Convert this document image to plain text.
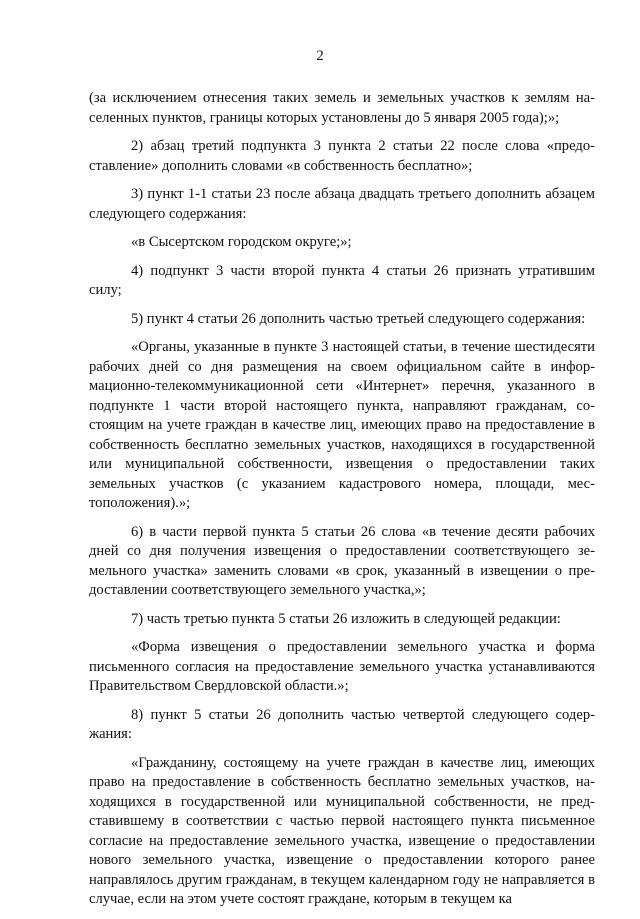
2

(за исключением отнесения таких земель и земельных участков к землям населенных пунктов, границы которых установлены до 5 января 2005 года);»;

2) абзац третий подпункта 3 пункта 2 статьи 22 после слова «предоставление» дополнить словами «в собственность бесплатно»;

3) пункт 1-1 статьи 23 после абзаца двадцать третьего дополнить абзацем следующего содержания:

«в Сысертском городском округе;»;

4) подпункт 3 части второй пункта 4 статьи 26 признать утратившим силу;

5) пункт 4 статьи 26 дополнить частью третьей следующего содержания:

«Органы, указанные в пункте 3 настоящей статьи, в течение шестидесяти рабочих дней со дня размещения на своем официальном сайте в информационно-телекоммуникационной сети «Интернет» перечня, указанного в подпункте 1 части второй настоящего пункта, направляют гражданам, состоящим на учете граждан в качестве лиц, имеющих право на предоставление в собственность бесплатно земельных участков, находящихся в государственной или муниципальной собственности, извещения о предоставлении таких земельных участков (с указанием кадастрового номера, площади, местоположения).»;

6) в части первой пункта 5 статьи 26 слова «в течение десяти рабочих дней со дня получения извещения о предоставлении соответствующего земельного участка» заменить словами «в срок, указанный в извещении о предоставлении соответствующего земельного участка,»;

7) часть третью пункта 5 статьи 26 изложить в следующей редакции:

«Форма извещения о предоставлении земельного участка и форма письменного согласия на предоставление земельного участка устанавливаются Правительством Свердловской области.»;

8) пункт 5 статьи 26 дополнить частью четвертой следующего содержания:

«Гражданину, состоящему на учете граждан в качестве лиц, имеющих право на предоставление в собственность бесплатно земельных участков, находящихся в государственной или муниципальной собственности, не представившему в соответствии с частью первой настоящего пункта письменное согласие на предоставление земельного участка, извещение о предоставлении нового земельного участка, извещение о предоставлении которого ранее направлялось другим гражданам, в текущем календарном году не направляется в случае, если на этом учете состоят граждане, которым в текущем ка
